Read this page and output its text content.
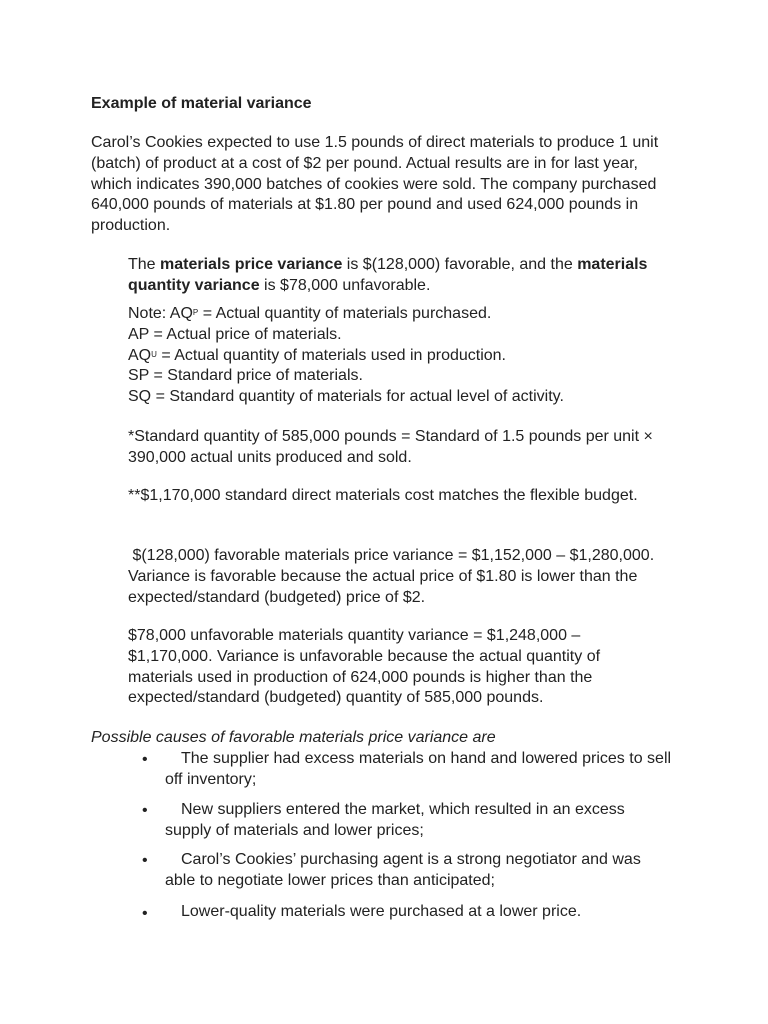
Example of material variance

Carol’s Cookies expected to use 1.5 pounds of direct materials to produce 1 unit (batch) of product at a cost of $2 per pound. Actual results are in for last year, which indicates 390,000 batches of cookies were sold. The company purchased 640,000 pounds of materials at $1.80 per pound and used 624,000 pounds in production.

The materials price variance is $(128,000) favorable, and the materials quantity variance is $78,000 unfavorable.

Note: $AQ^P$ = Actual quantity of materials purchased.
AP = Actual price of materials.
$AQ^U$ = Actual quantity of materials used in production.
SP = Standard price of materials.
SQ = Standard quantity of materials for actual level of activity.

*Standard quantity of 585,000 pounds = Standard of 1.5 pounds per unit × 390,000 actual units produced and sold.

**$1,170,000 standard direct materials cost matches the flexible budget.

$(128,000) favorable materials price variance = $1,152,000 – $1,280,000. Variance is favorable because the actual price of $1.80 is lower than the expected/standard (budgeted) price of $2.

$78,000 unfavorable materials quantity variance = $1,248,000 – $1,170,000. Variance is unfavorable because the actual quantity of materials used in production of 624,000 pounds is higher than the expected/standard (budgeted) quantity of 585,000 pounds.

Possible causes of favorable materials price variance are
•	The supplier had excess materials on hand and lowered prices to sell off inventory;

•	New suppliers entered the market, which resulted in an excess supply of materials and lower prices;

•	Carol’s Cookies’ purchasing agent is a strong negotiator and was able to negotiate lower prices than anticipated;

•	Lower-quality materials were purchased at a lower price.
